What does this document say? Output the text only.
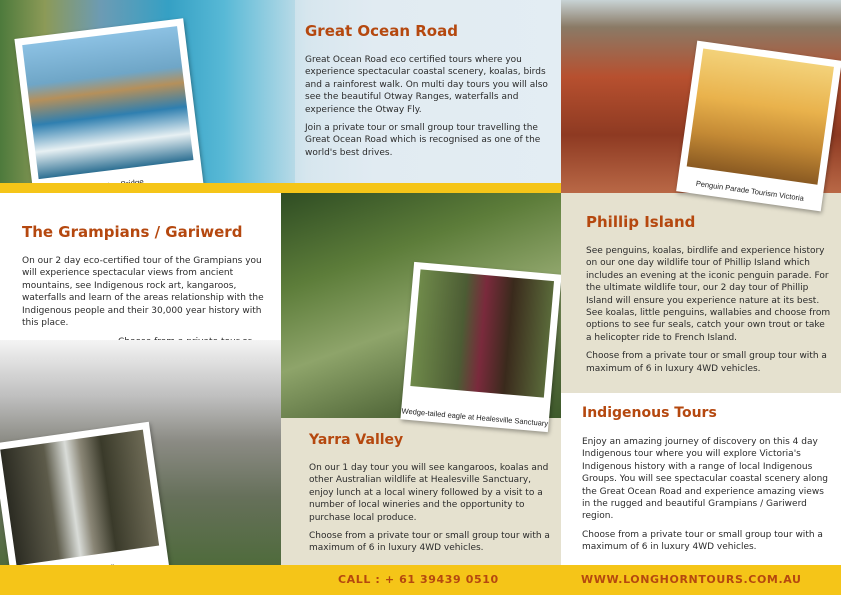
Great Ocean Road

Great Ocean Road eco certified tours where you experience spectacular coastal scenery, koalas, birds and a rainforest walk. On multi day tours you will also see the beautiful Otway Ranges, waterfalls and experience the Otway Fly.

Join a private tour or small group tour travelling the Great Ocean Road which is recognised as one of the world's best drives.

The Grampians / Gariwerd
On our 2 day eco-certified tour of the Grampians you will experience spectacular views from ancient mountains, see Indigenous rock art, kangaroos, waterfalls and learn of the areas relationship with the Indigenous people and their 30,000 year history with this place.
Yarra Valley

On our 1 day tour you will see kangaroos, koalas and other Australian wildlife at Healesville Sanctuary, enjoy lunch at a local winery followed by a visit to a number of local wineries and the opportunity to purchase local produce.

Choose from a private tour or small group tour with a maximum of 6 in luxury 4WD vehicles.

Wedge-tailed eagle at Healesville Sanctuary
Phillip Island

See penguins, koalas, birdlife and experience history on our one day wildlife tour of Phillip Island which includes an evening at the iconic penguin parade. For the ultimate wildlife tour, our 2 day tour of Phillip Island will ensure you experience nature at its best. See koalas, little penguins, wallabies and choose from options to see fur seals, catch your own trout or take a helicopter ride to French Island.

Choose from a private tour or small group tour with a maximum of 6 in luxury 4WD vehicles.

Penguin Parade Tourism Victoria
Indigenous Tours

Enjoy an amazing journey of discovery on this 4 day Indigenous tour where you will explore Victoria's Indigenous history with a range of local Indigenous Groups. You will see spectacular coastal scenery along the Great Ocean Road and experience amazing views in the rugged and beautiful Grampians / Gariwerd region.

Choose from a private tour or small group tour with a maximum of 6 in luxury 4WD vehicles.

CALL : + 61 39439 0510	WWW.LONGHORNTOURS.COM.AU
